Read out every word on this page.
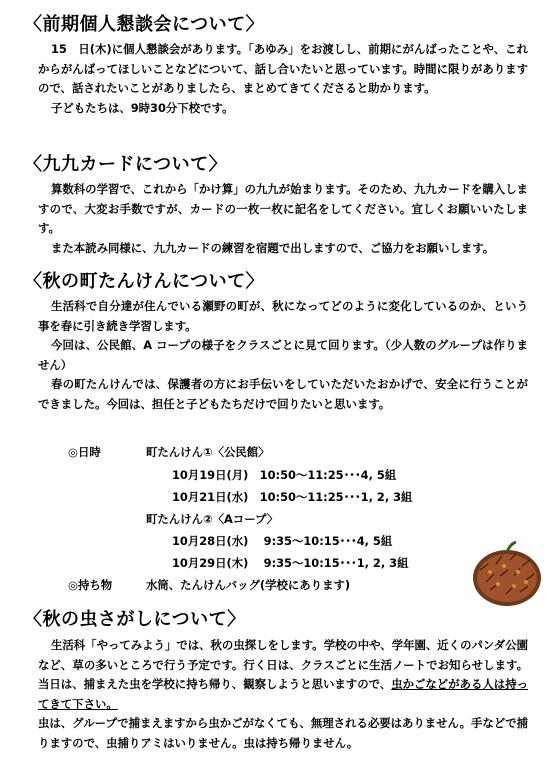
〈前期個人懇談会について〉

15　日(木)に個人懇談会があります。「あゆみ」をお渡しし、前期にがんばったことや、これからがんばってほしいことなどについて、話し合いたいと思っています。時間に限りがありますので、話されたいことがありましたら、まとめてきてくださると助かります。

子どもたちは、9時30分下校です。

〈九九カードについて〉

算数科の学習で、これから「かけ算」の九九が始まります。そのため、九九カードを購入しますので、大変お手数ですが、カードの一枚一枚に記名をしてください。宜しくお願いいたします。

また本読み同様に、九九カードの練習を宿題で出しますので、ご協力をお願いします。

〈秋の町たんけんについて〉

生活科で自分達が住んでいる瀬野の町が、秋になってどのように変化しているのか、という事を春に引き続き学習します。

今回は、公民館、A コープの様子をクラスごとに見て回ります。（少人数のグループは作りません）

春の町たんけんでは、保護者の方にお手伝いをしていただいたおかげで、安全に行うことができました。今回は、担任と子どもたちだけで回りたいと思います。

◎日時	町たんけん①〈公民館〉
10月19日(月)　10:50～11:25･･･4, 5組
10月21日(水)　10:50～11:25･･･1, 2, 3組
町たんけん②〈Aコープ〉
10月28日(水)　 9:35～10:15･･･4, 5組
10月29日(木)　 9:35～10:15･･･1, 2, 3組
◎持ち物	水筒、たんけんバッグ(学校にあります)
〈秋の虫さがしについて〉

生活科「やってみよう」では、秋の虫探しをします。学校の中や、学年園、近くのパンダ公園など、草の多いところで行う予定です。行く日は、クラスごとに生活ノートでお知らせします。当日は、捕まえた虫を学校に持ち帰り、観察しようと思いますので、虫かごなどがある人は持ってきて下さい。

虫は、グループで捕まえますから虫かごがなくても、無理される必要はありません。手などで捕りますので、虫捕りアミはいりません。虫は持ち帰りません。
